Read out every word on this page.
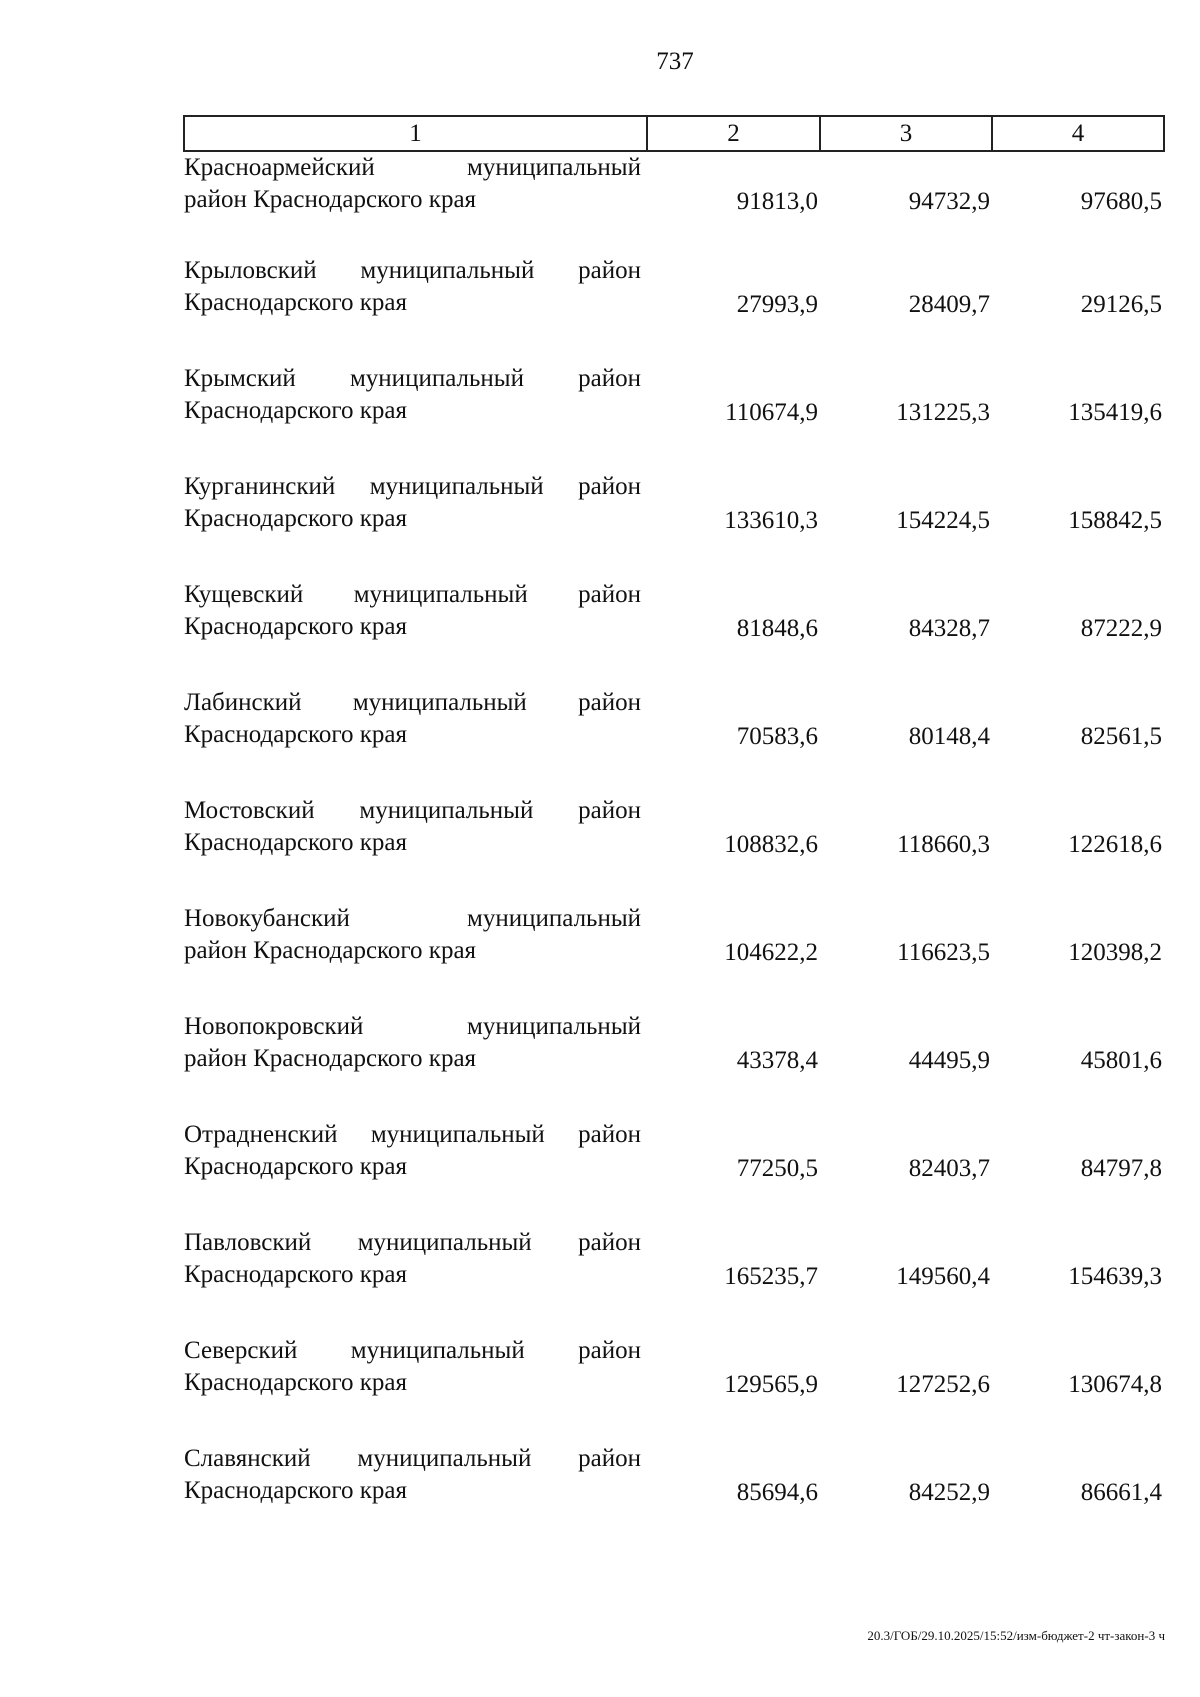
737
1	2	3	4

Красноармейский муниципальный
район Краснодарского края	91813,0	94732,9	97680,5

Крыловский муниципальный район
Краснодарского края	27993,9	28409,7	29126,5

Крымский муниципальный район
Краснодарского края	110674,9	131225,3	135419,6

Курганинский муниципальный район
Краснодарского края	133610,3	154224,5	158842,5

Кущевский муниципальный район
Краснодарского края	81848,6	84328,7	87222,9

Лабинский муниципальный район
Краснодарского края	70583,6	80148,4	82561,5

Мостовский муниципальный район
Краснодарского края	108832,6	118660,3	122618,6

Новокубанский муниципальный
район Краснодарского края	104622,2	116623,5	120398,2

Новопокровский муниципальный
район Краснодарского края	43378,4	44495,9	45801,6

Отрадненский муниципальный район
Краснодарского края	77250,5	82403,7	84797,8

Павловский муниципальный район
Краснодарского края	165235,7	149560,4	154639,3

Северский муниципальный район
Краснодарского края	129565,9	127252,6	130674,8

Славянский муниципальный район
Краснодарского края	85694,6	84252,9	86661,4
20.3/ГОБ/29.10.2025/15:52/изм-бюджет-2 чт-закон-3 ч
